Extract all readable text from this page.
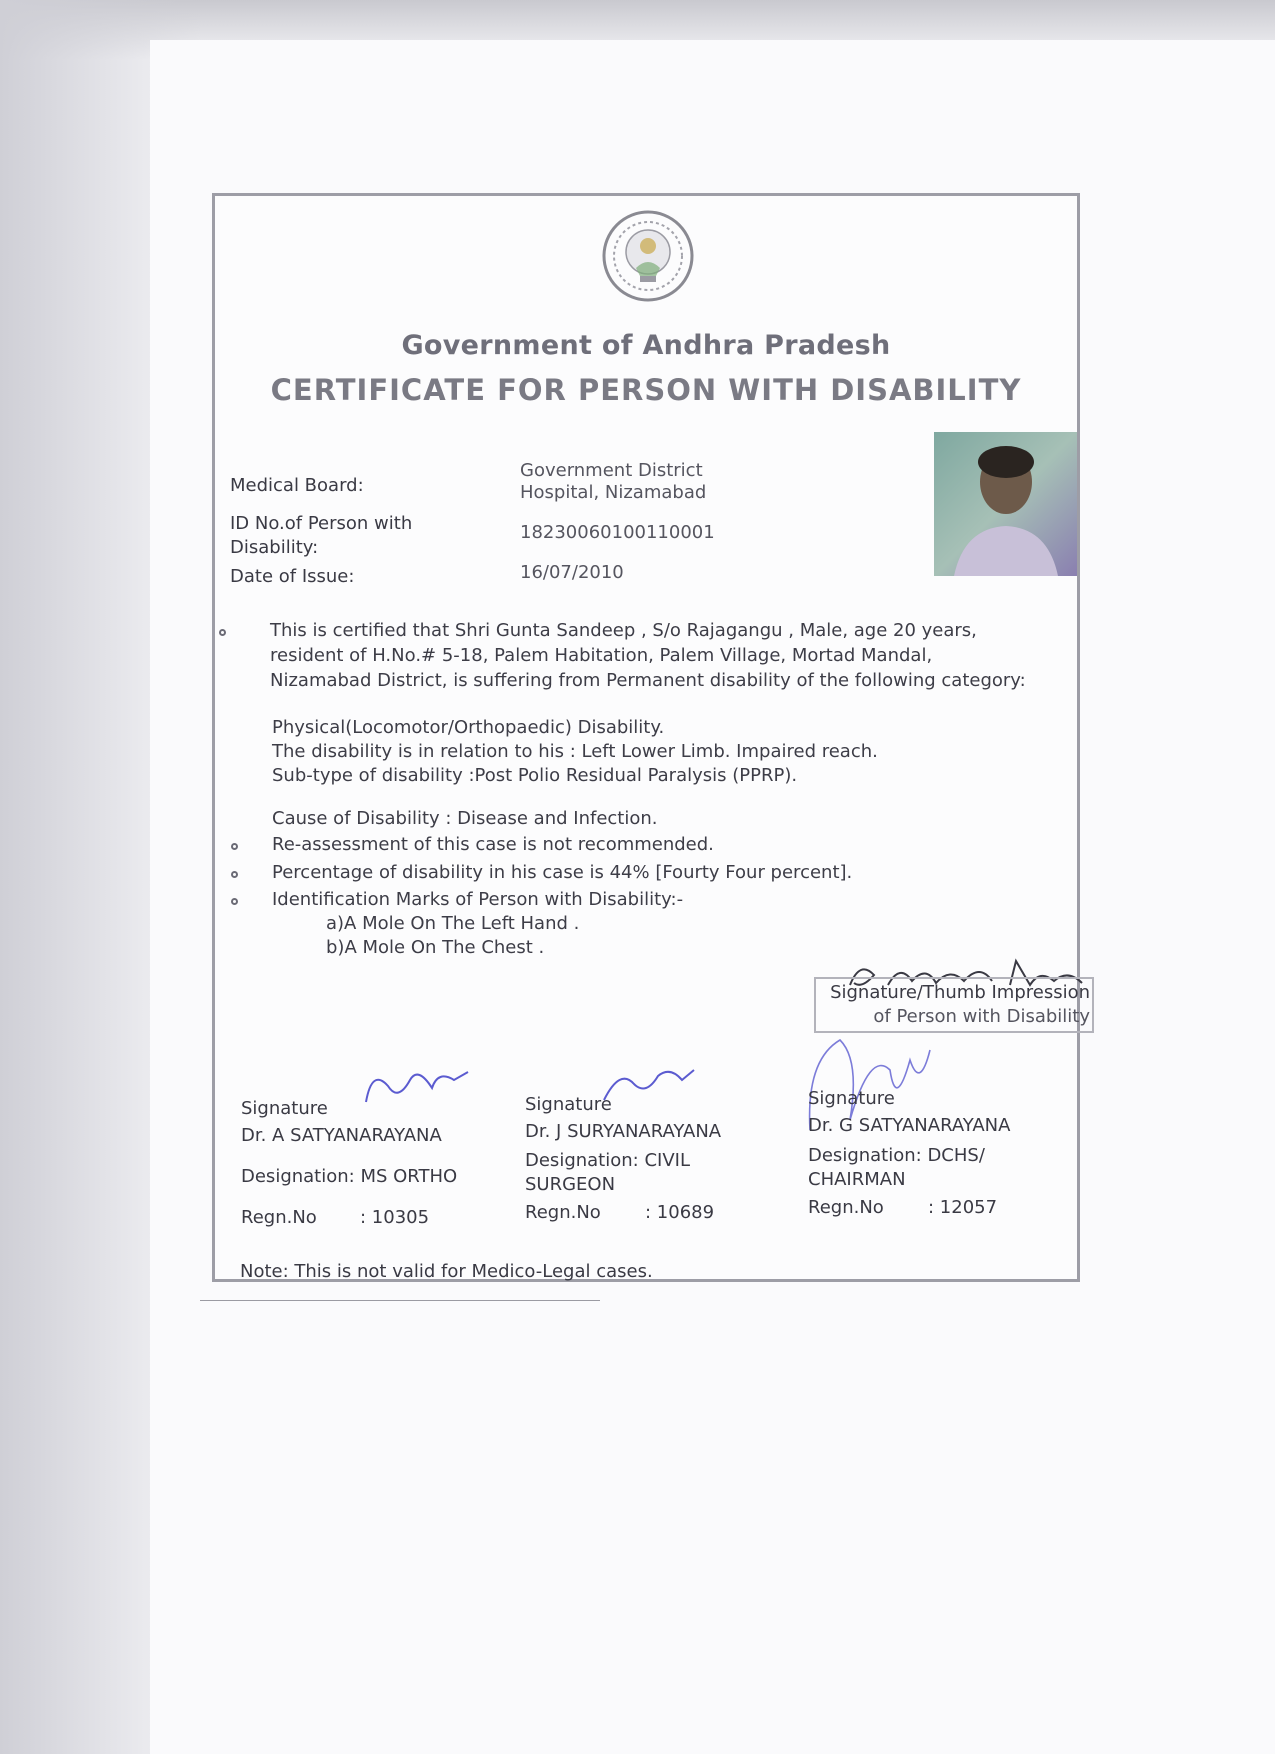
Government of Andhra Pradesh
CERTIFICATE FOR PERSON WITH DISABILITY
Medical Board:
Government District
Hospital, Nizamabad
ID No.of Person with
Disability:
18230060100110001
Date of Issue:	16/07/2010
This is certified that Shri Gunta Sandeep , S/o Rajagangu , Male, age 20 years,
resident of H.No.# 5-18, Palem Habitation, Palem Village, Mortad Mandal,
Nizamabad District, is suffering from Permanent disability of the following category:
Physical(Locomotor/Orthopaedic) Disability.
The disability is in relation to his : Left Lower Limb. Impaired reach.
Sub-type of disability :Post Polio Residual Paralysis (PPRP).
Cause of Disability : Disease and Infection.
Re-assessment of this case is not recommended.
Percentage of disability in his case is 44% [Fourty Four percent].
Identification Marks of Person with Disability:-
a)A Mole On The Left Hand .
b)A Mole On The Chest .
Signature/Thumb Impression
of Person with Disability
Signature
Dr. A SATYANARAYANA
Designation: MS ORTHO
Regn.No : 10305
Signature
Dr. J SURYANARAYANA
Designation: CIVIL
SURGEON
Regn.No : 10689
Signature
Dr. G SATYANARAYANA
Designation: DCHS/
CHAIRMAN
Regn.No : 12057
Note: This is not valid for Medico-Legal cases.
